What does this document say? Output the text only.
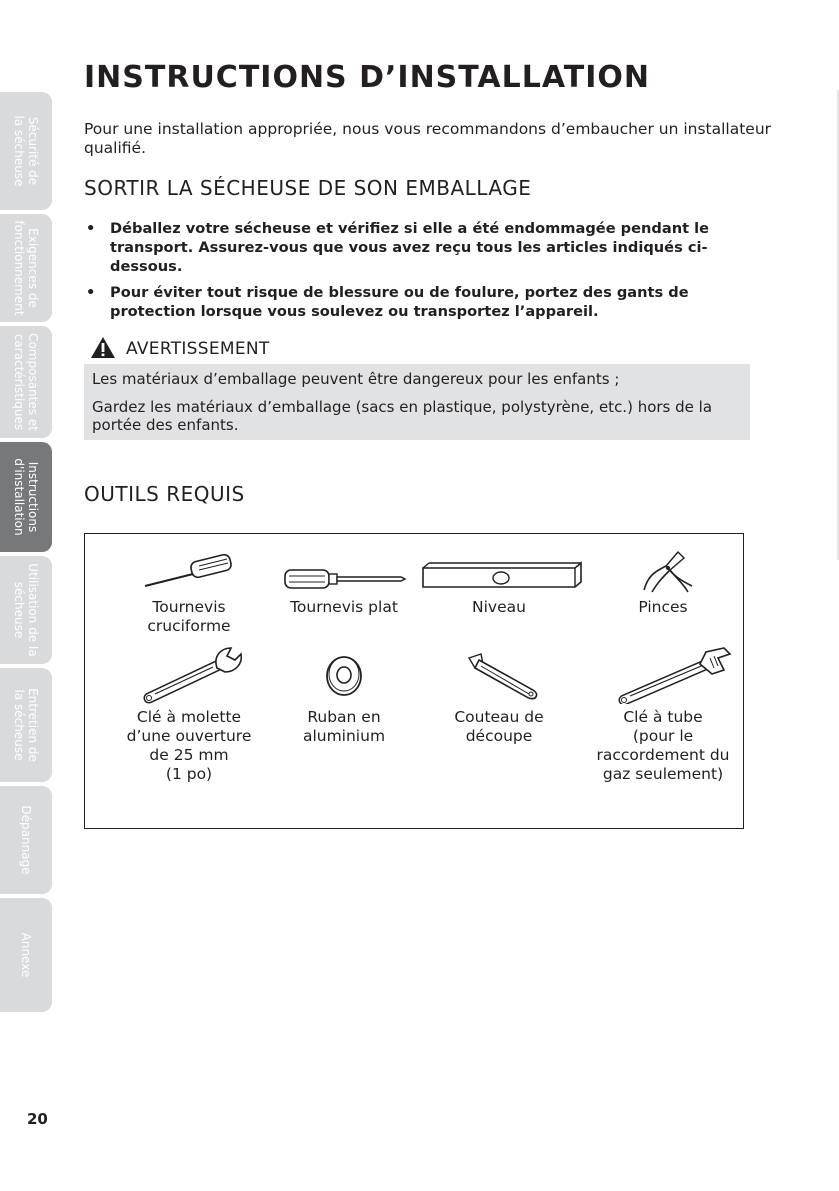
Sécurité de
la sécheuse
Exigences de
fonctionnement
Composantes et
caractéristiques
Instructions
d'installation
Utilisation de la
sécheuse
Entretien de
la sécheuse
Dépannage
Annexe
INSTRUCTIONS D’INSTALLATION

Pour une installation appropriée, nous vous recommandons d’embaucher un installateur qualifié.

SORTIR LA SÉCHEUSE DE SON EMBALLAGE
• Déballez votre sécheuse et vérifiez si elle a été endommagée pendant le transport. Assurez-vous que vous avez reçu tous les articles indiqués ci-dessous.
• Pour éviter tout risque de blessure ou de foulure, portez des gants de protection lorsque vous soulevez ou transportez l’appareil.
AVERTISSEMENT

Les matériaux d’emballage peuvent être dangereux pour les enfants ;

Gardez les matériaux d’emballage (sacs en plastique, polystyrène, etc.) hors de la portée des enfants.

OUTILS REQUIS
Tournevis
cruciforme
Tournevis plat	Niveau	Pinces
Clé à molette
d’une ouverture
de 25 mm
(1 po)
Ruban en
aluminium
Couteau de
découpe
Clé à tube
(pour le
raccordement du
gaz seulement)
20
